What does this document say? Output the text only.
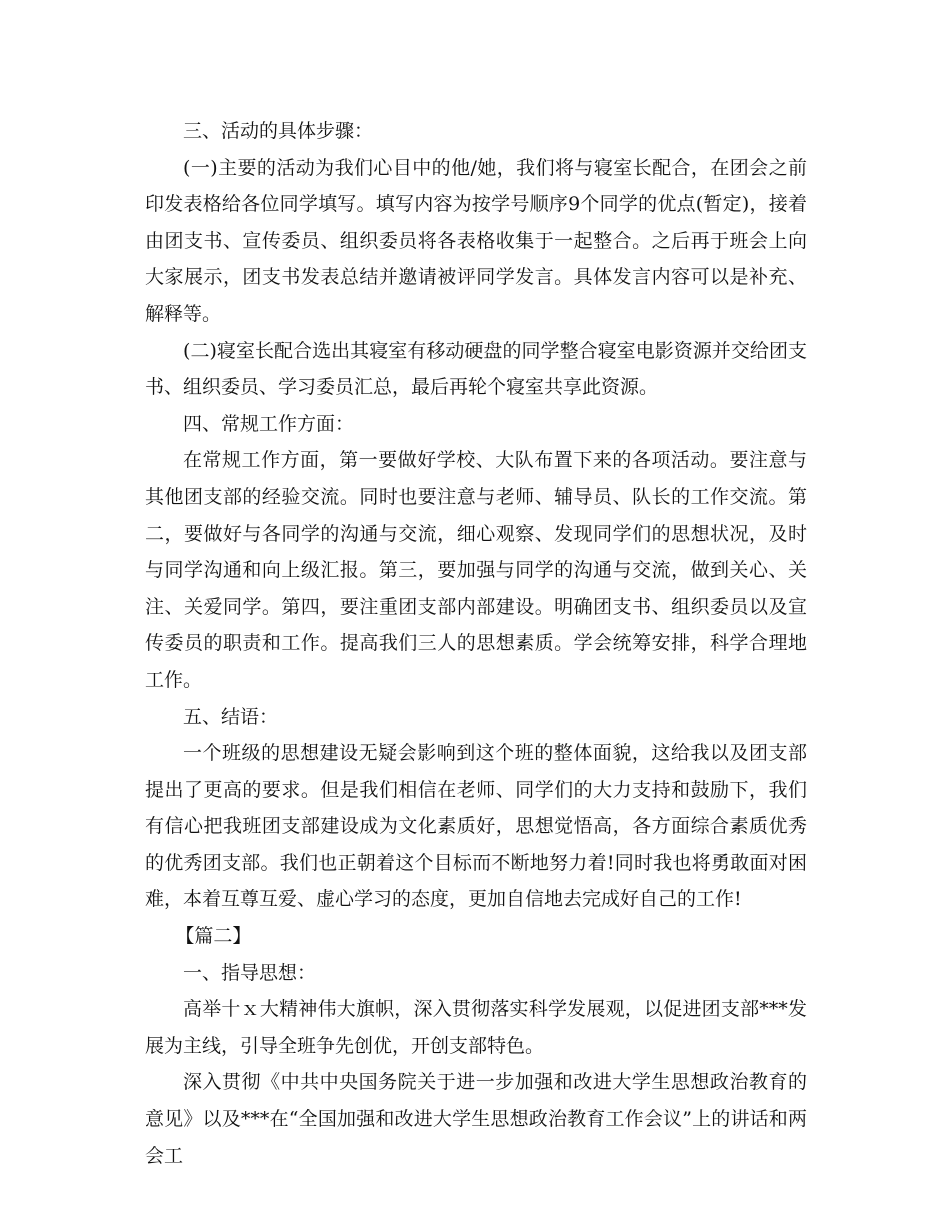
三、活动的具体步骤：

(一)主要的活动为我们心目中的他/她，我们将与寝室长配合，在团会之前印发表格给各位同学填写。填写内容为按学号顺序9个同学的优点(暂定)，接着由团支书、宣传委员、组织委员将各表格收集于一起整合。之后再于班会上向大家展示，团支书发表总结并邀请被评同学发言。具体发言内容可以是补充、解释等。

(二)寝室长配合选出其寝室有移动硬盘的同学整合寝室电影资源并交给团支书、组织委员、学习委员汇总，最后再轮个寝室共享此资源。

四、常规工作方面：

在常规工作方面，第一要做好学校、大队布置下来的各项活动。要注意与其他团支部的经验交流。同时也要注意与老师、辅导员、队长的工作交流。第二，要做好与各同学的沟通与交流，细心观察、发现同学们的思想状况，及时与同学沟通和向上级汇报。第三，要加强与同学的沟通与交流，做到关心、关注、关爱同学。第四，要注重团支部内部建设。明确团支书、组织委员以及宣传委员的职责和工作。提高我们三人的思想素质。学会统筹安排，科学合理地工作。

五、结语：

一个班级的思想建设无疑会影响到这个班的整体面貌，这给我以及团支部提出了更高的要求。但是我们相信在老师、同学们的大力支持和鼓励下，我们有信心把我班团支部建设成为文化素质好，思想觉悟高，各方面综合素质优秀的优秀团支部。我们也正朝着这个目标而不断地努力着!同时我也将勇敢面对困难，本着互尊互爱、虚心学习的态度，更加自信地去完成好自己的工作!

【篇二】

一、指导思想：

高举十ｘ大精神伟大旗帜，深入贯彻落实科学发展观，以促进团支部***发展为主线，引导全班争先创优，开创支部特色。

深入贯彻《中共中央国务院关于进一步加强和改进大学生思想政治教育的意见》以及***在“全国加强和改进大学生思想政治教育工作会议”上的讲话和两会工
